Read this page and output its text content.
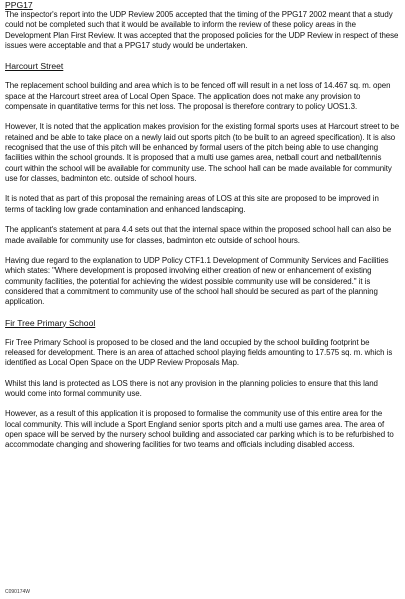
PPG17

The inspector's report into the UDP Review 2005 accepted that the timing of the PPG17 2002 meant that a study could not be completed such that it would be available to inform the review of these policy areas in the Development Plan First Review. It was accepted that the proposed policies for the UDP Review in respect of these issues were acceptable and that a PPG17 study would be undertaken.

Harcourt Street

The replacement school building and area which is to be fenced off will result in a net loss of 14.467 sq. m. open space at the Harcourt street area of Local Open Space. The application does not make any provision to compensate in quantitative terms for this net loss. The proposal is therefore contrary to policy UOS1.3.

However, It is noted that the application makes provision for the existing formal sports uses at Harcourt street to be retained and be able to take place on a newly laid out sports pitch (to be built to an agreed specification). It is also recognised that the use of this pitch will be enhanced by formal users of the pitch being able to use changing facilities within the school grounds. It is proposed that a multi use games area, netball court and netball/tennis court within the school will be available for community use. The school hall can be made available for community use for classes, badminton etc. outside of school hours.

It is noted that as part of this proposal the remaining areas of LOS at this site are proposed to be improved in terms of tackling low grade contamination and enhanced landscaping.

The applicant's statement at para 4.4 sets out that the internal space within the proposed school hall can also be made available for community use for classes, badminton etc outside of school hours.

Having due regard to the explanation to UDP Policy CTF1.1 Development of Community Services and Facilities which states: "Where development is proposed involving either creation of new or enhancement of existing community facilities, the potential for achieving the widest possible community use will be considered." it is considered that a commitment to community use of the school hall should be secured as part of the planning application.

Fir Tree Primary School

Fir Tree Primary School is proposed to be closed and the land occupied by the school building footprint be released for development. There is an area of attached school playing fields amounting to 17.575 sq. m. which is identified as Local Open Space on the UDP Review Proposals Map.

Whilst this land is protected as LOS there is not any provision in the planning policies to ensure that this land would come into formal community use.

However, as a result of this application it is proposed to formalise the community use of this entire area for the local community. This will include a Sport England senior sports pitch and a multi use games area. The area of open space will be served by the nursery school building and associated car parking which is to be refurbished to accommodate changing and showering facilities for two teams and officials including disabled access.

C090174W
